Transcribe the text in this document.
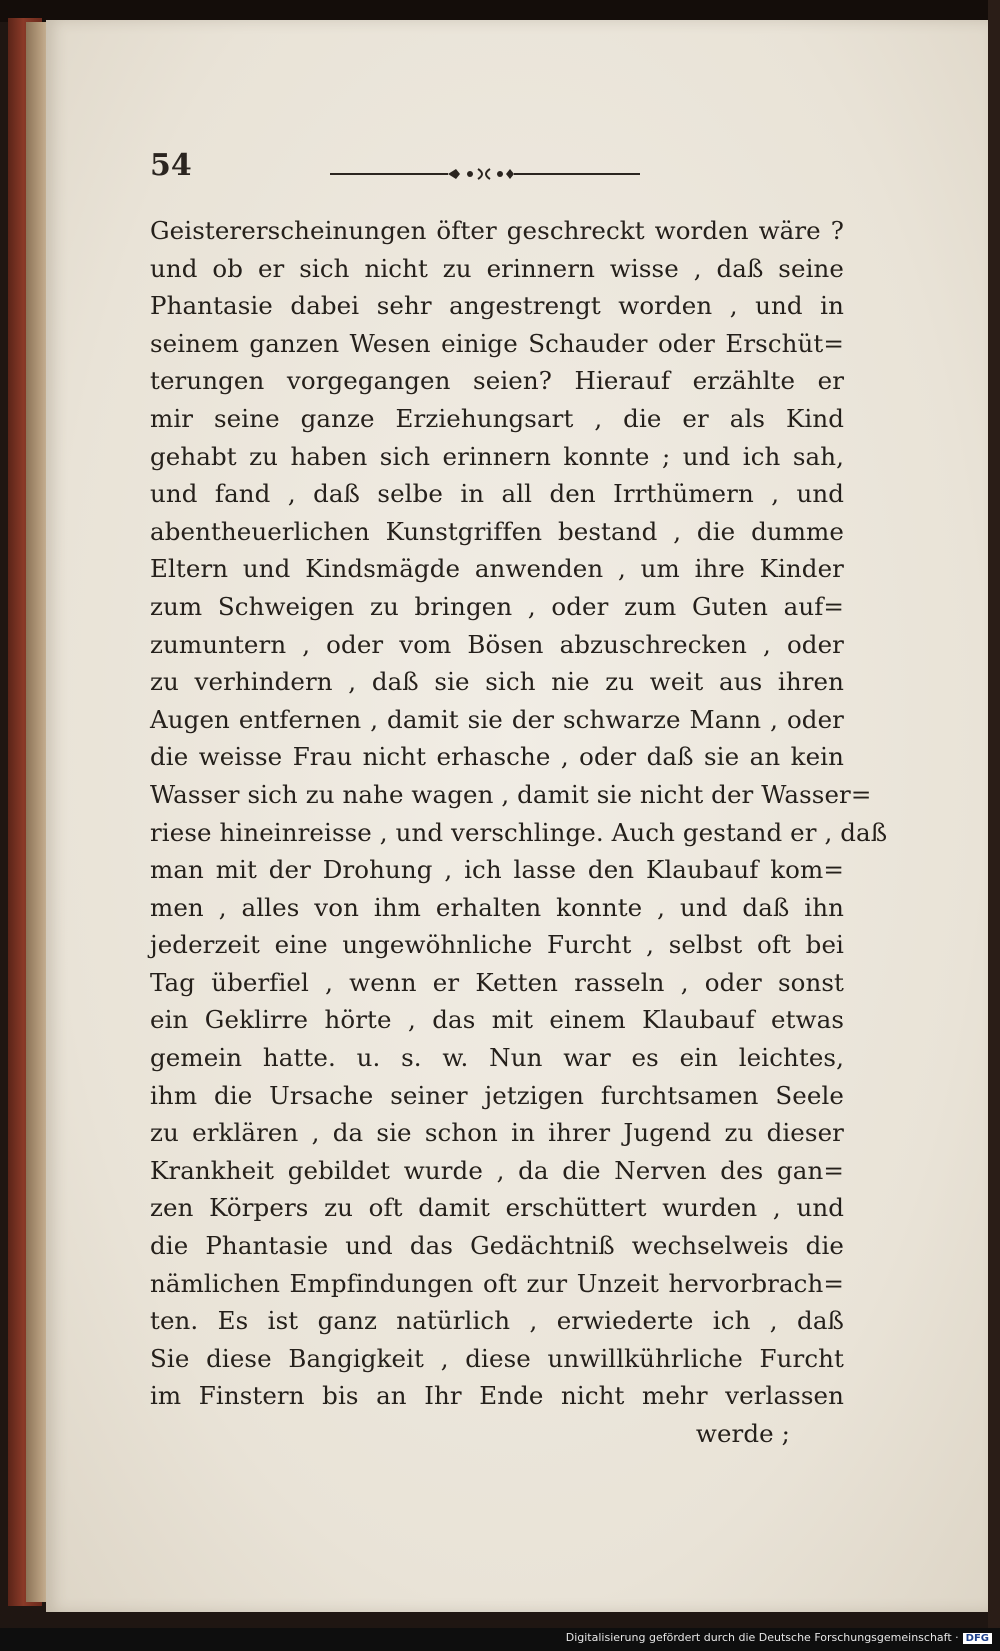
54
Geistererscheinungen öfter geschreckt worden wäre ?
und ob er sich nicht zu erinnern wisse , daß seine
Phantasie dabei sehr angestrengt worden , und in
seinem ganzen Wesen einige Schauder oder Erschüt=
terungen vorgegangen seien? Hierauf erzählte er
mir seine ganze Erziehungsart , die er als Kind
gehabt zu haben sich erinnern konnte ; und ich sah,
und fand , daß selbe in all den Irrthümern , und
abentheuerlichen Kunstgriffen bestand , die dumme
Eltern und Kindsmägde anwenden , um ihre Kinder
zum Schweigen zu bringen , oder zum Guten auf=
zumuntern , oder vom Bösen abzuschrecken , oder
zu verhindern , daß sie sich nie zu weit aus ihren
Augen entfernen , damit sie der schwarze Mann , oder
die weisse Frau nicht erhasche , oder daß sie an kein
Wasser sich zu nahe wagen , damit sie nicht der Wasser=
riese hineinreisse , und verschlinge. Auch gestand er , daß
man mit der Drohung , ich lasse den Klaubauf kom=
men , alles von ihm erhalten konnte , und daß ihn
jederzeit eine ungewöhnliche Furcht , selbst oft bei
Tag überfiel , wenn er Ketten rasseln , oder sonst
ein Geklirre hörte , das mit einem Klaubauf etwas
gemein hatte. u. s. w. Nun war es ein leichtes,
ihm die Ursache seiner jetzigen furchtsamen Seele
zu erklären , da sie schon in ihrer Jugend zu dieser
Krankheit gebildet wurde , da die Nerven des gan=
zen Körpers zu oft damit erschüttert wurden , und
die Phantasie und das Gedächtniß wechselweis die
nämlichen Empfindungen oft zur Unzeit hervorbrach=
ten. Es ist ganz natürlich , erwiederte ich , daß
Sie diese Bangigkeit , diese unwillkührliche Furcht
im Finstern bis an Ihr Ende nicht mehr verlassen
werde ;
Digitalisierung gefördert durch die Deutsche Forschungsgemeinschaft · DFG
